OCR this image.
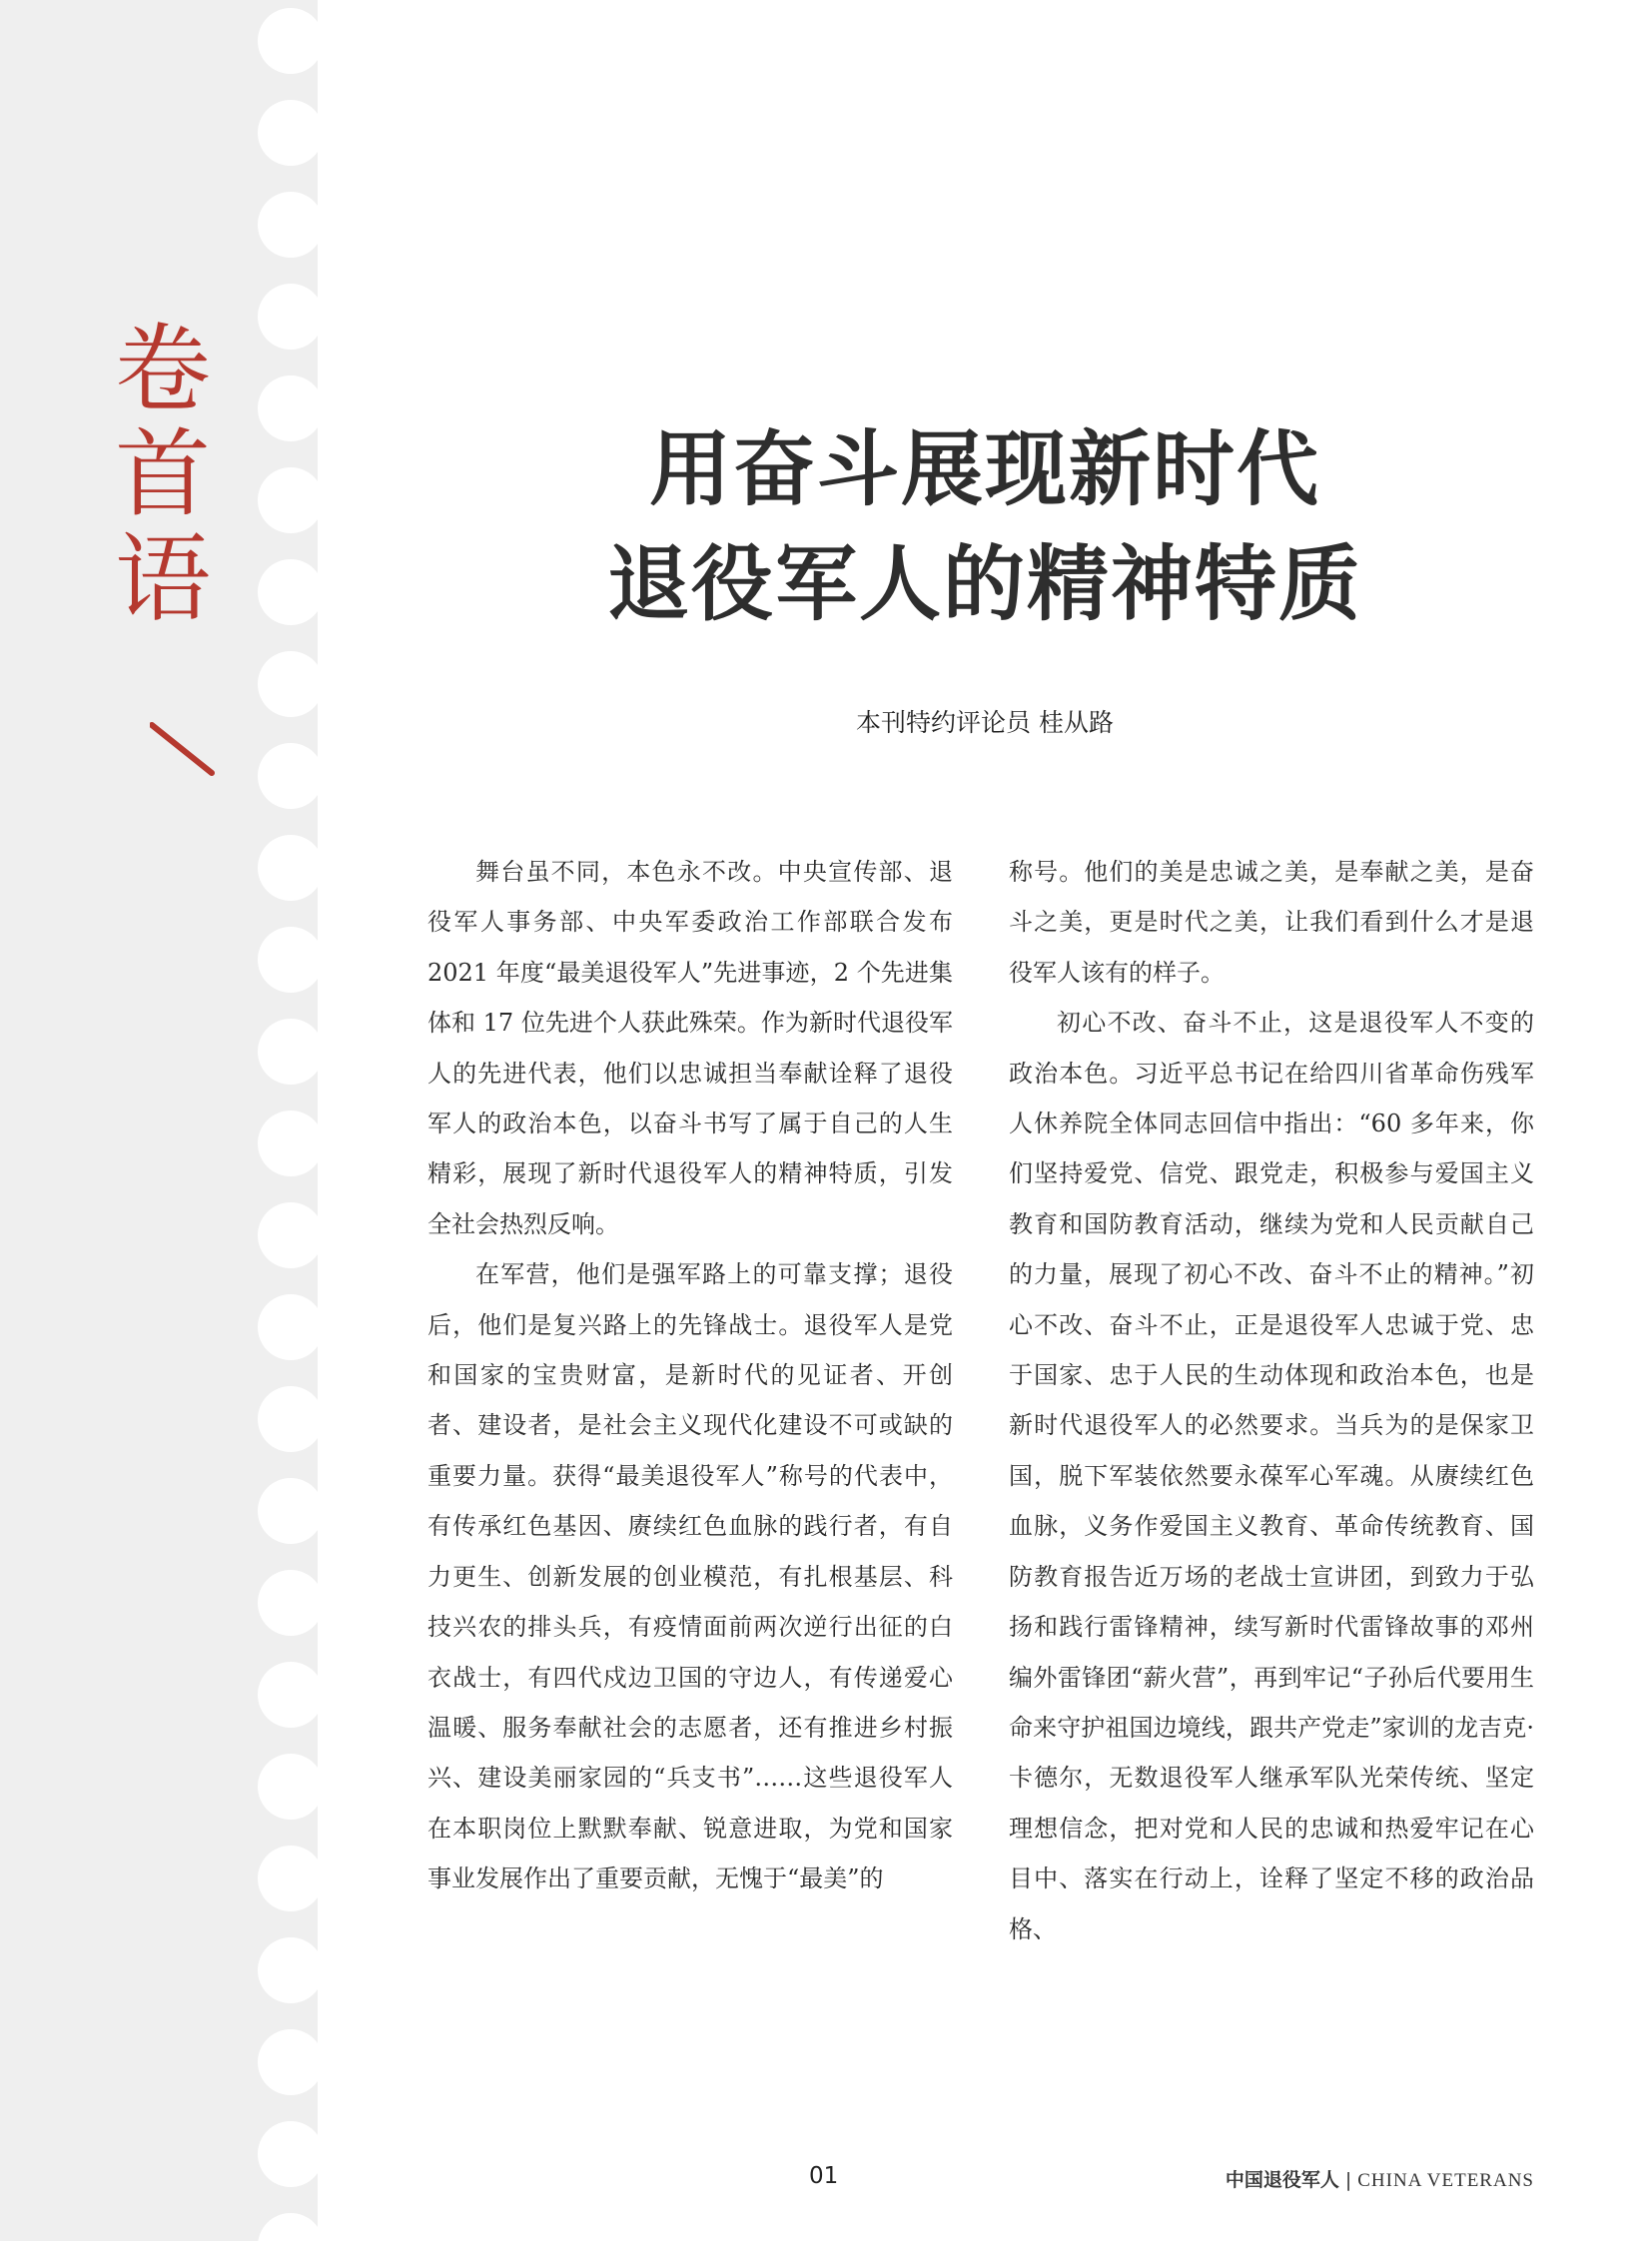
卷
首
语
用奋斗展现新时代
退役军人的精神特质
本刊特约评论员 桂从路

舞台虽不同，本色永不改。中央宣传部、退役军人事务部、中央军委政治工作部联合发布 2021 年度“最美退役军人”先进事迹，2 个先进集体和 17 位先进个人获此殊荣。作为新时代退役军人的先进代表，他们以忠诚担当奉献诠释了退役军人的政治本色，以奋斗书写了属于自己的人生精彩，展现了新时代退役军人的精神特质，引发全社会热烈反响。

在军营，他们是强军路上的可靠支撑；退役后，他们是复兴路上的先锋战士。退役军人是党和国家的宝贵财富，是新时代的见证者、开创者、建设者，是社会主义现代化建设不可或缺的重要力量。获得“最美退役军人”称号的代表中，有传承红色基因、赓续红色血脉的践行者，有自力更生、创新发展的创业模范，有扎根基层、科技兴农的排头兵，有疫情面前两次逆行出征的白衣战士，有四代戍边卫国的守边人，有传递爱心温暖、服务奉献社会的志愿者，还有推进乡村振兴、建设美丽家园的“兵支书”……这些退役军人在本职岗位上默默奉献、锐意进取，为党和国家事业发展作出了重要贡献，无愧于“最美”的

称号。他们的美是忠诚之美，是奉献之美，是奋斗之美，更是时代之美，让我们看到什么才是退役军人该有的样子。

初心不改、奋斗不止，这是退役军人不变的政治本色。习近平总书记在给四川省革命伤残军人休养院全体同志回信中指出：“60 多年来，你们坚持爱党、信党、跟党走，积极参与爱国主义教育和国防教育活动，继续为党和人民贡献自己的力量，展现了初心不改、奋斗不止的精神。”初心不改、奋斗不止，正是退役军人忠诚于党、忠于国家、忠于人民的生动体现和政治本色，也是新时代退役军人的必然要求。当兵为的是保家卫国，脱下军装依然要永葆军心军魂。从赓续红色血脉，义务作爱国主义教育、革命传统教育、国防教育报告近万场的老战士宣讲团，到致力于弘扬和践行雷锋精神，续写新时代雷锋故事的邓州编外雷锋团“薪火营”，再到牢记“子孙后代要用生命来守护祖国边境线，跟共产党走”家训的龙吉克·卡德尔，无数退役军人继承军队光荣传统、坚定理想信念，把对党和人民的忠诚和热爱牢记在心目中、落实在行动上，诠释了坚定不移的政治品格、

01	中国退役军人 | CHINA VETERANS
